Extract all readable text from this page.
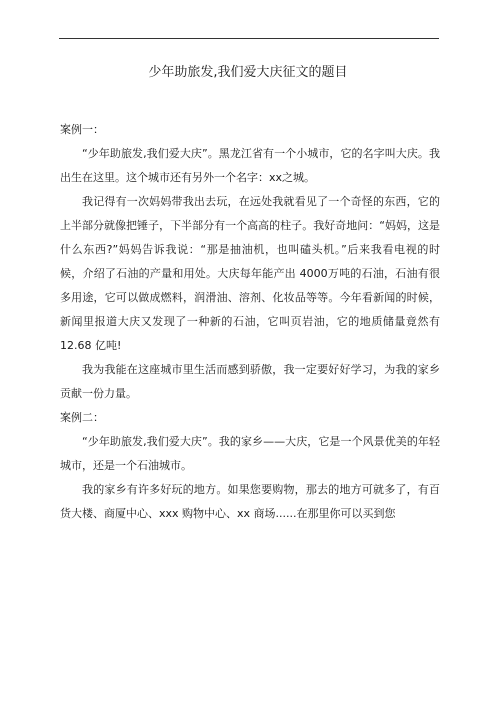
少年助旅发,我们爱大庆征文的题目

案例一：

“少年助旅发,我们爱大庆”。黑龙江省有一个小城市，它的名字叫大庆。我出生在这里。这个城市还有另外一个名字：xx之城。

我记得有一次妈妈带我出去玩，在远处我就看见了一个奇怪的东西，它的上半部分就像把锤子，下半部分有一个高高的柱子。我好奇地问：“妈妈，这是什么东西?”妈妈告诉我说：“那是抽油机，也叫磕头机。”后来我看电视的时候，介绍了石油的产量和用处。大庆每年能产出 4000万吨的石油，石油有很多用途，它可以做成燃料，润滑油、溶剂、化妆品等等。今年看新闻的时候，新闻里报道大庆又发现了一种新的石油，它叫页岩油，它的地质储量竟然有 12.68 亿吨!

我为我能在这座城市里生活而感到骄傲，我一定要好好学习，为我的家乡贡献一份力量。

案例二：

“少年助旅发,我们爱大庆”。我的家乡——大庆，它是一个风景优美的年轻城市，还是一个石油城市。

我的家乡有许多好玩的地方。如果您要购物，那去的地方可就多了，有百货大楼、商厦中心、xxx 购物中心、xx 商场......在那里你可以买到您
